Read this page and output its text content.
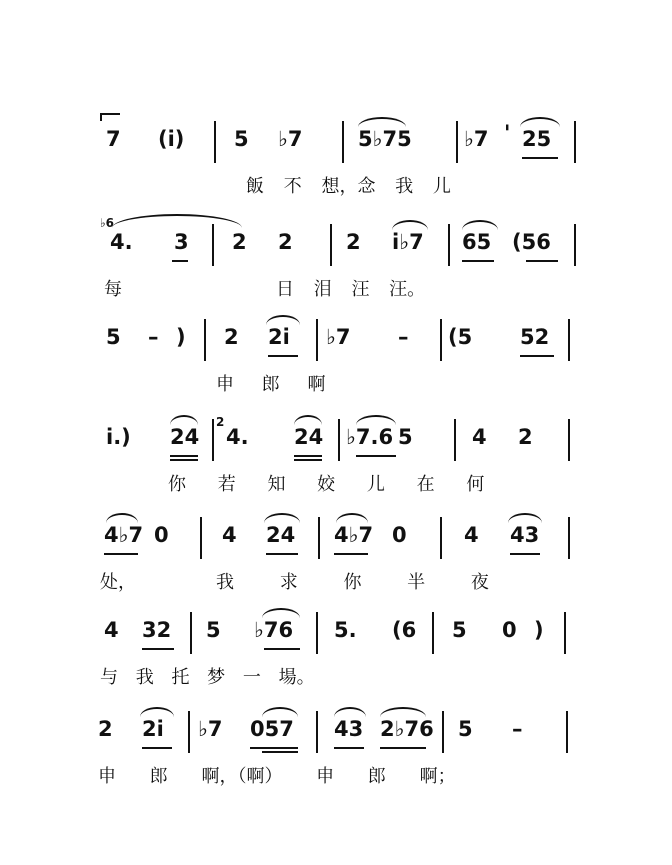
7 (i) 5 ♭7	5♭75 ♭7 ' 25
飯 不 想，念 我 儿
♭6
4. 3 2 2	2 i♭7 65 (56
每	日 泪 汪 汪。
5 – ) 2 2i ♭7 – (5 52
申 郎 啊
i.) 24
2
4. 24 ♭7.6 5	4 2
你 若 知 姣 儿 在 何
4♭7 0	4 24 4♭7 0	4 43
处，	我 求 你 半 夜
4 32 5 ♭76 5. (6 5 0 )
与 我 托 梦 一 場。
2 2i ♭7 057 43 2♭76 5 –
申 郎 啊，（啊） 申 郎 啊；
